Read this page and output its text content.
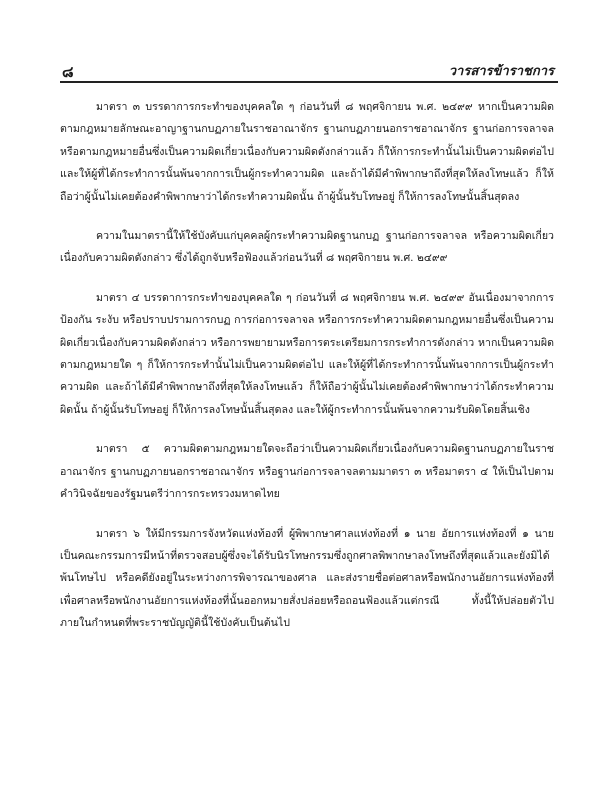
๘	วารสารข้าราชการ

มาตรา ๓ บรรดาการกระทำของบุคคลใด ๆ ก่อนวันที่ ๘ พฤศจิกายน พ.ศ. ๒๔๙๙ หากเป็นความผิดตามกฎหมายลักษณะอาญาฐานกบฏภายในราชอาณาจักร ฐานกบฏภายนอกราชอาณาจักร ฐานก่อการจลาจล หรือตามกฎหมายอื่นซึ่งเป็นความผิดเกี่ยวเนื่องกับความผิดดังกล่าวแล้ว ก็ให้การกระทำนั้นไม่เป็นความผิดต่อไป และให้ผู้ที่ได้กระทำการนั้นพ้นจากการเป็นผู้กระทำความผิด และถ้าได้มีคำพิพากษาถึงที่สุดให้ลงโทษแล้ว ก็ให้ถือว่าผู้นั้นไม่เคยต้องคำพิพากษาว่าได้กระทำความผิดนั้น ถ้าผู้นั้นรับโทษอยู่ ก็ให้การลงโทษนั้นสิ้นสุดลง

ความในมาตรานี้ให้ใช้บังคับแก่บุคคลผู้กระทำความผิดฐานกบฏ ฐานก่อการจลาจล หรือความผิดเกี่ยวเนื่องกับความผิดดังกล่าว ซึ่งได้ถูกจับหรือฟ้องแล้วก่อนวันที่ ๘ พฤศจิกายน พ.ศ. ๒๔๙๙

มาตรา ๔ บรรดาการกระทำของบุคคลใด ๆ ก่อนวันที่ ๘ พฤศจิกายน พ.ศ. ๒๔๙๙ อันเนื่องมาจากการป้องกัน ระงับ หรือปราบปรามการกบฏ การก่อการจลาจล หรือการกระทำความผิดตามกฎหมายอื่นซึ่งเป็นความผิดเกี่ยวเนื่องกับความผิดดังกล่าว หรือการพยายามหรือการตระเตรียมการกระทำการดังกล่าว หากเป็นความผิดตามกฎหมายใด ๆ ก็ให้การกระทำนั้นไม่เป็นความผิดต่อไป และให้ผู้ที่ได้กระทำการนั้นพ้นจากการเป็นผู้กระทำความผิด และถ้าได้มีคำพิพากษาถึงที่สุดให้ลงโทษแล้ว ก็ให้ถือว่าผู้นั้นไม่เคยต้องคำพิพากษาว่าได้กระทำความผิดนั้น ถ้าผู้นั้นรับโทษอยู่ ก็ให้การลงโทษนั้นสิ้นสุดลง และให้ผู้กระทำการนั้นพ้นจากความรับผิดโดยสิ้นเชิง

มาตรา ๕ ความผิดตามกฎหมายใดจะถือว่าเป็นความผิดเกี่ยวเนื่องกับความผิดฐานกบฏภายในราชอาณาจักร ฐานกบฏภายนอกราชอาณาจักร หรือฐานก่อการจลาจลตามมาตรา ๓ หรือมาตรา ๔ ให้เป็นไปตามคำวินิจฉัยของรัฐมนตรีว่าการกระทรวงมหาดไทย

มาตรา ๖ ให้มีกรรมการจังหวัดแห่งท้องที่ ผู้พิพากษาศาลแห่งท้องที่ ๑ นาย อัยการแห่งท้องที่ ๑ นาย เป็นคณะกรรมการมีหน้าที่ตรวจสอบผู้ซึ่งจะได้รับนิรโทษกรรมซึ่งถูกศาลพิพากษาลงโทษถึงที่สุดแล้วและยังมิได้พ้นโทษไป หรือคดียังอยู่ในระหว่างการพิจารณาของศาล และส่งรายชื่อต่อศาลหรือพนักงานอัยการแห่งท้องที่ เพื่อศาลหรือพนักงานอัยการแห่งท้องที่นั้นออกหมายสั่งปล่อยหรือถอนฟ้องแล้วแต่กรณี ทั้งนี้ให้ปล่อยตัวไปภายในกำหนดที่พระราชบัญญัตินี้ใช้บังคับเป็นต้นไป
